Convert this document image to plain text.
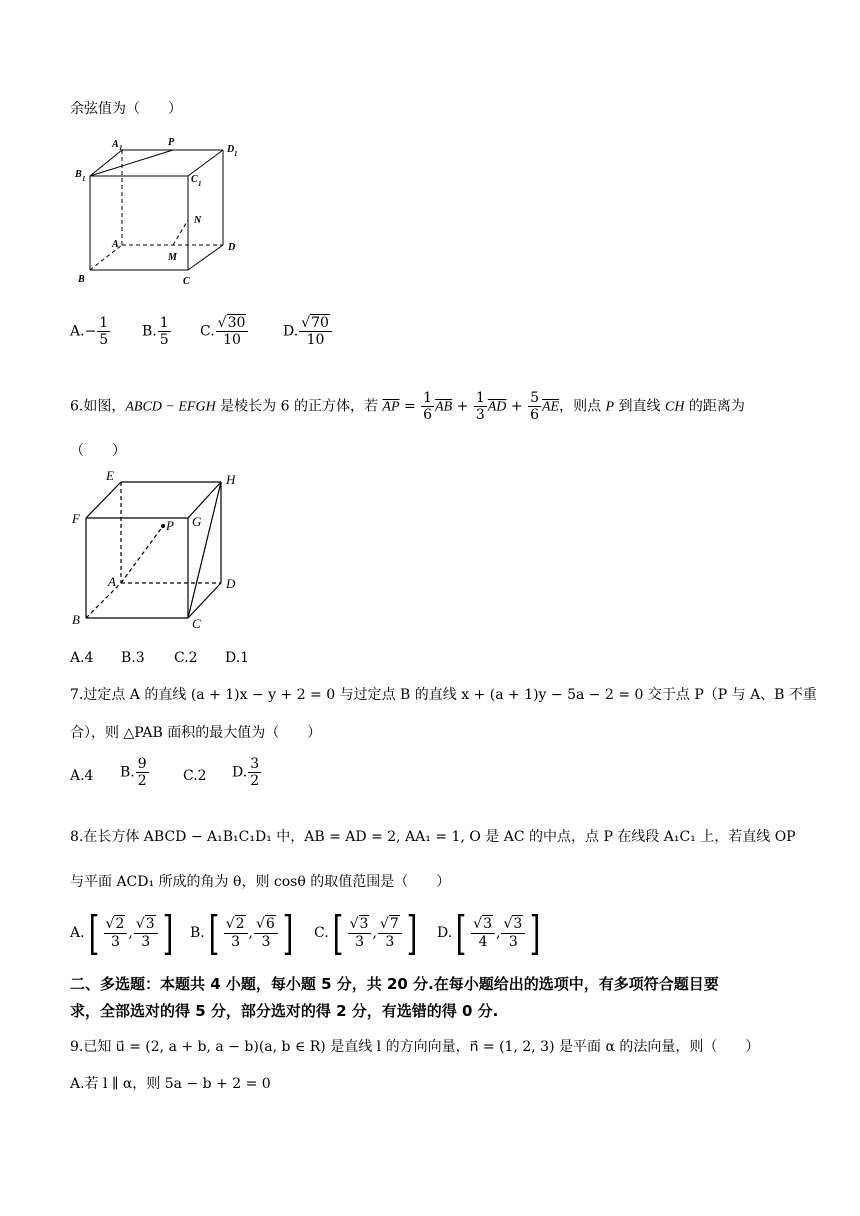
余弦值为（　　）
A 1	P
D 1
B 1	C 1
N
A	D
M
B	C
$A.- \frac{1}{5} B$. $\frac{1}{5} C$. $\frac{√30}{10} D$. $\frac{√70}{10}$
6.如图，ABCD − EFGH 是棱长为 6 的正方体，若 $\overline{AP} = \frac{1}{6} \overline{AB} + \frac{1}{3} \overline{AD} + \frac{5}{6} \overline{AE}$，则点 P 到直线 CH 的距离为
（　　）
E	H
F	P G
A	D
B	C
A.4 B.3 C.2 D.1
7.过定点 A 的直线 (a + 1)x − y + 2 = 0 与过定点 B 的直线 x + (a + 1)y − 5a − 2 = 0 交于点 P（P 与 A、B 不重
合），则 △PAB 面积的最大值为（　　）
A.4 B. $\frac{9}{2} C.2$ D. $\frac{3}{2}$
8.在长方体 ABCD − A₁B₁C₁D₁ 中，AB = AD = 2, AA₁ = 1, O 是 AC 的中点，点 P 在线段 A₁C₁ 上，若直线 OP
与平面 ACD₁ 所成的角为 θ，则 cosθ 的取值范围是（　　）
A. [ $\frac{√2}{3}$ , $\frac{√3}{3}$ ] B. [ $\frac{√2}{3}$ , $\frac{√6}{3}$ ] C. [ $\frac{√3}{3}$ , $\frac{√7}{3}$ ] D. [ $\frac{√3}{4}$ , $\frac{√3}{3}$ ]
二、多选题：本题共 4 小题，每小题 5 分，共 20 分.在每小题给出的选项中，有多项符合题目要
求，全部选对的得 5 分，部分选对的得 2 分，有选错的得 0 分.
9.已知 u⃗ = (2, a + b, a − b)(a, b ∈ R) 是直线 l 的方向向量，n⃗ = (1, 2, 3) 是平面 α 的法向量，则（　　）
A.若 l ∥ α，则 5a − b + 2 = 0
